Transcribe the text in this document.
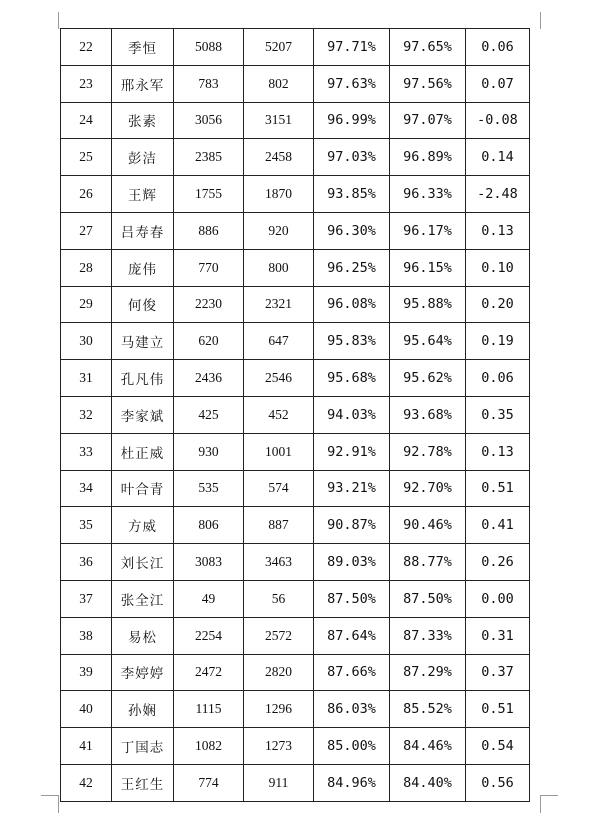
22	季恒	5088	5207	97.71%	97.65%	0.06
23	邢永军	783	802	97.63%	97.56%	0.07
24	张素	3056	3151	96.99%	97.07%	-0.08
25	彭洁	2385	2458	97.03%	96.89%	0.14
26	王辉	1755	1870	93.85%	96.33%	-2.48
27	吕寿春	886	920	96.30%	96.17%	0.13
28	庞伟	770	800	96.25%	96.15%	0.10
29	何俊	2230	2321	96.08%	95.88%	0.20
30	马建立	620	647	95.83%	95.64%	0.19
31	孔凡伟	2436	2546	95.68%	95.62%	0.06
32	李家斌	425	452	94.03%	93.68%	0.35
33	杜正威	930	1001	92.91%	92.78%	0.13
34	叶合青	535	574	93.21%	92.70%	0.51
35	方威	806	887	90.87%	90.46%	0.41
36	刘长江	3083	3463	89.03%	88.77%	0.26
37	张全江	49	56	87.50%	87.50%	0.00
38	易松	2254	2572	87.64%	87.33%	0.31
39	李婷婷	2472	2820	87.66%	87.29%	0.37
40	孙娴	1115	1296	86.03%	85.52%	0.51
41	丁国志	1082	1273	85.00%	84.46%	0.54
42	王红生	774	911	84.96%	84.40%	0.56
